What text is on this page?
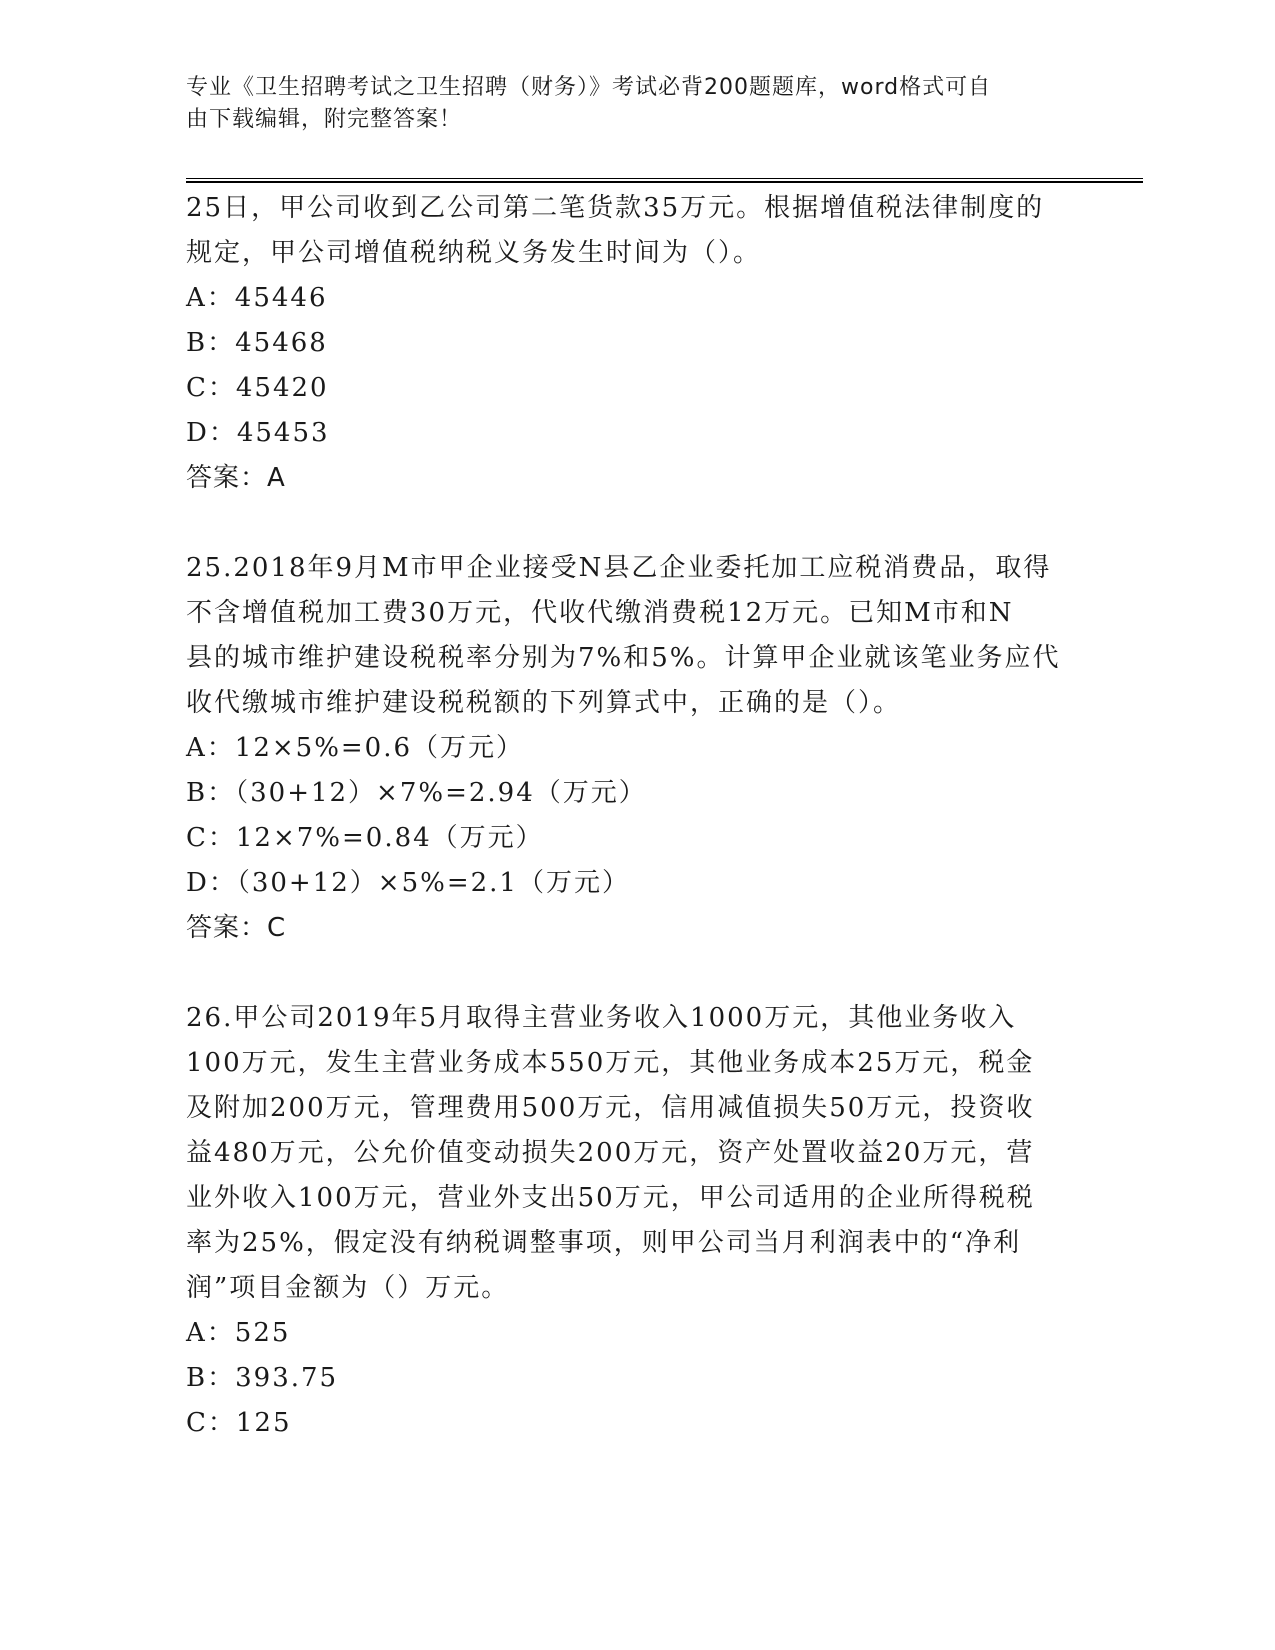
专业《卫生招聘考试之卫生招聘（财务）》考试必背200题题库，word格式可自
由下载编辑，附完整答案！

25日，甲公司收到乙公司第二笔货款35万元。根据增值税法律制度的

规定，甲公司增值税纳税义务发生时间为（）。

A：45446

B：45468

C：45420

D：45453

答案：A

25.2018年9月M市甲企业接受N县乙企业委托加工应税消费品，取得

不含增值税加工费30万元，代收代缴消费税12万元。已知M市和N

县的城市维护建设税税率分别为7%和5%。计算甲企业就该笔业务应代

收代缴城市维护建设税税额的下列算式中，正确的是（）。

A：12×5%=0.6（万元）

B：（30+12）×7%=2.94（万元）

C：12×7%=0.84（万元）

D：（30+12）×5%=2.1（万元）

答案：C

26.甲公司2019年5月取得主营业务收入1000万元，其他业务收入

100万元，发生主营业务成本550万元，其他业务成本25万元，税金

及附加200万元，管理费用500万元，信用减值损失50万元，投资收

益480万元，公允价值变动损失200万元，资产处置收益20万元，营

业外收入100万元，营业外支出50万元，甲公司适用的企业所得税税

率为25%，假定没有纳税调整事项，则甲公司当月利润表中的“净利

润”项目金额为（）万元。

A：525

B：393.75

C：125
